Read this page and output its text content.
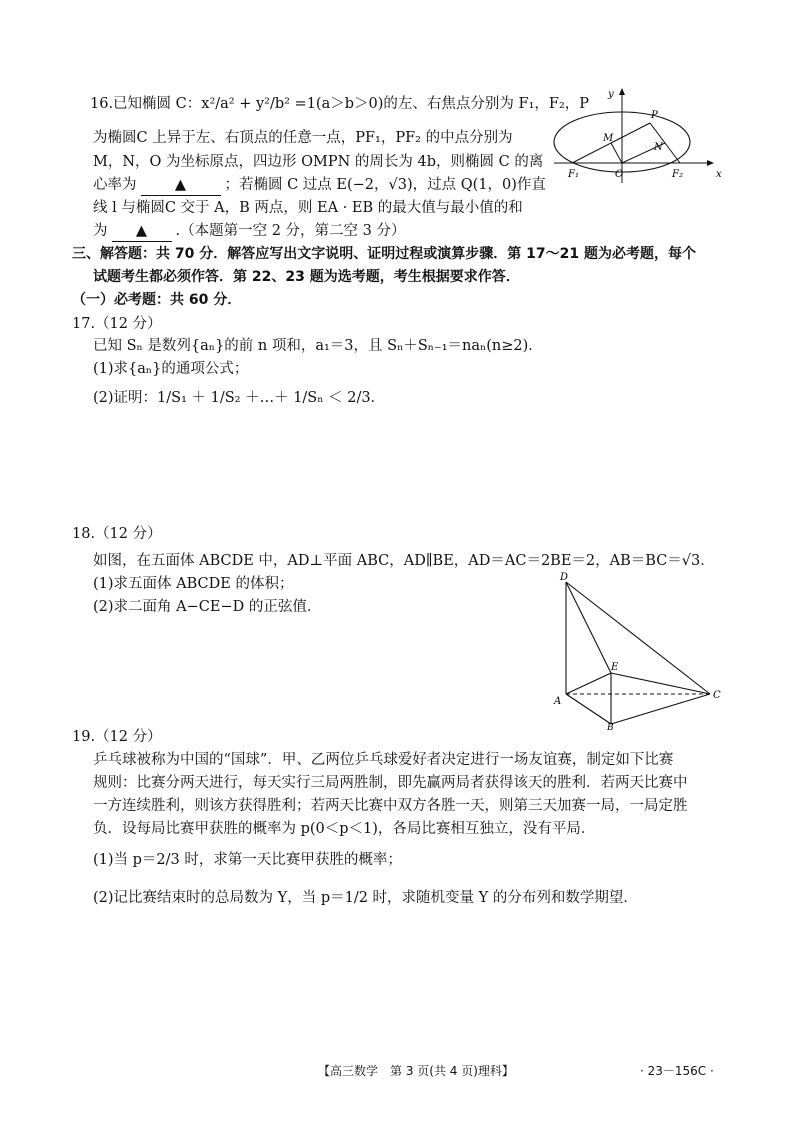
16.已知椭圆 C：x²/a² + y²/b² =1(a＞b＞0)的左、右焦点分别为 F₁，F₂，P
为椭圆C 上异于左、右顶点的任意一点，PF₁，PF₂ 的中点分别为
M，N，O 为坐标原点，四边形 OMPN 的周长为 4b，则椭圆 C 的离
心率为	▲	；若椭圆 C 过点 E(−2，√3)，过点 Q(1，0)作直
线 l 与椭圆C 交于 A，B 两点，则 EA · EB 的最大值与最小值的和
为 ▲ .（本题第一空 2 分，第二空 3 分）
y
x
P
M
N
F₁	O	F₂
三、解答题：共 70 分．解答应写出文字说明、证明过程或演算步骤．第 17～21 题为必考题，每个
试题考生都必须作答．第 22、23 题为选考题，考生根据要求作答．
（一）必考题：共 60 分．
17.（12 分）
已知 Sₙ 是数列{aₙ}的前 n 项和，a₁＝3，且 Sₙ＋Sₙ₋₁＝naₙ(n≥2)．
(1)求{aₙ}的通项公式；
(2)证明：1/S₁ ＋ 1/S₂ ＋…＋ 1/Sₙ ＜ 2/3．
18.（12 分）
如图，在五面体 ABCDE 中，AD⊥平面 ABC，AD∥BE，AD＝AC＝2BE＝2，AB＝BC＝√3．
(1)求五面体 ABCDE 的体积；
(2)求二面角 A−CE−D 的正弦值．
D
E
A
C
B
19.（12 分）
乒乓球被称为中国的“国球”．甲、乙两位乒乓球爱好者决定进行一场友谊赛，制定如下比赛
规则：比赛分两天进行，每天实行三局两胜制，即先赢两局者获得该天的胜利．若两天比赛中
一方连续胜利，则该方获得胜利；若两天比赛中双方各胜一天，则第三天加赛一局，一局定胜
负．设每局比赛甲获胜的概率为 p(0＜p＜1)，各局比赛相互独立，没有平局．
(1)当 p＝2/3 时，求第一天比赛甲获胜的概率；
(2)记比赛结束时的总局数为 Y，当 p＝1/2 时，求随机变量 Y 的分布列和数学期望．
【高三数学　第 3 页(共 4 页)理科】	· 23－156C ·
